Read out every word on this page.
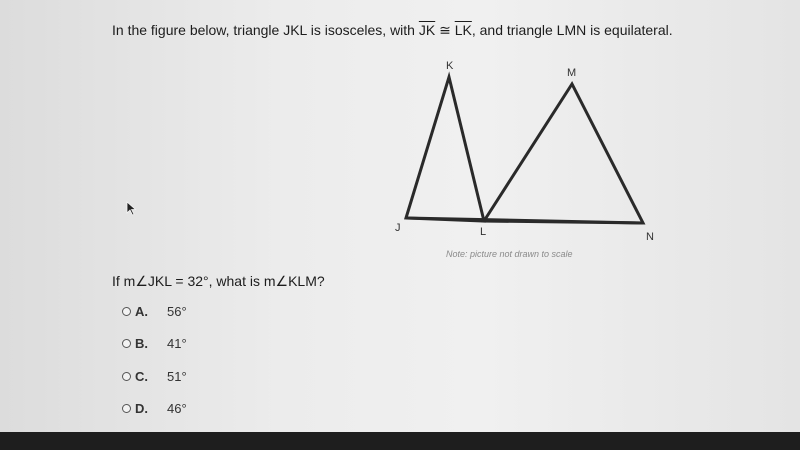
In the figure below, triangle JKL is isosceles, with $\overline{JK}$ ≅ $\overline{LK}$, and triangle LMN is equilateral.
K
M
J	L	N
Note: picture not drawn to scale
If m∠JKL = 32°, what is m∠KLM?
A.	56°
B.	41°
C.	51°
D.	46°
